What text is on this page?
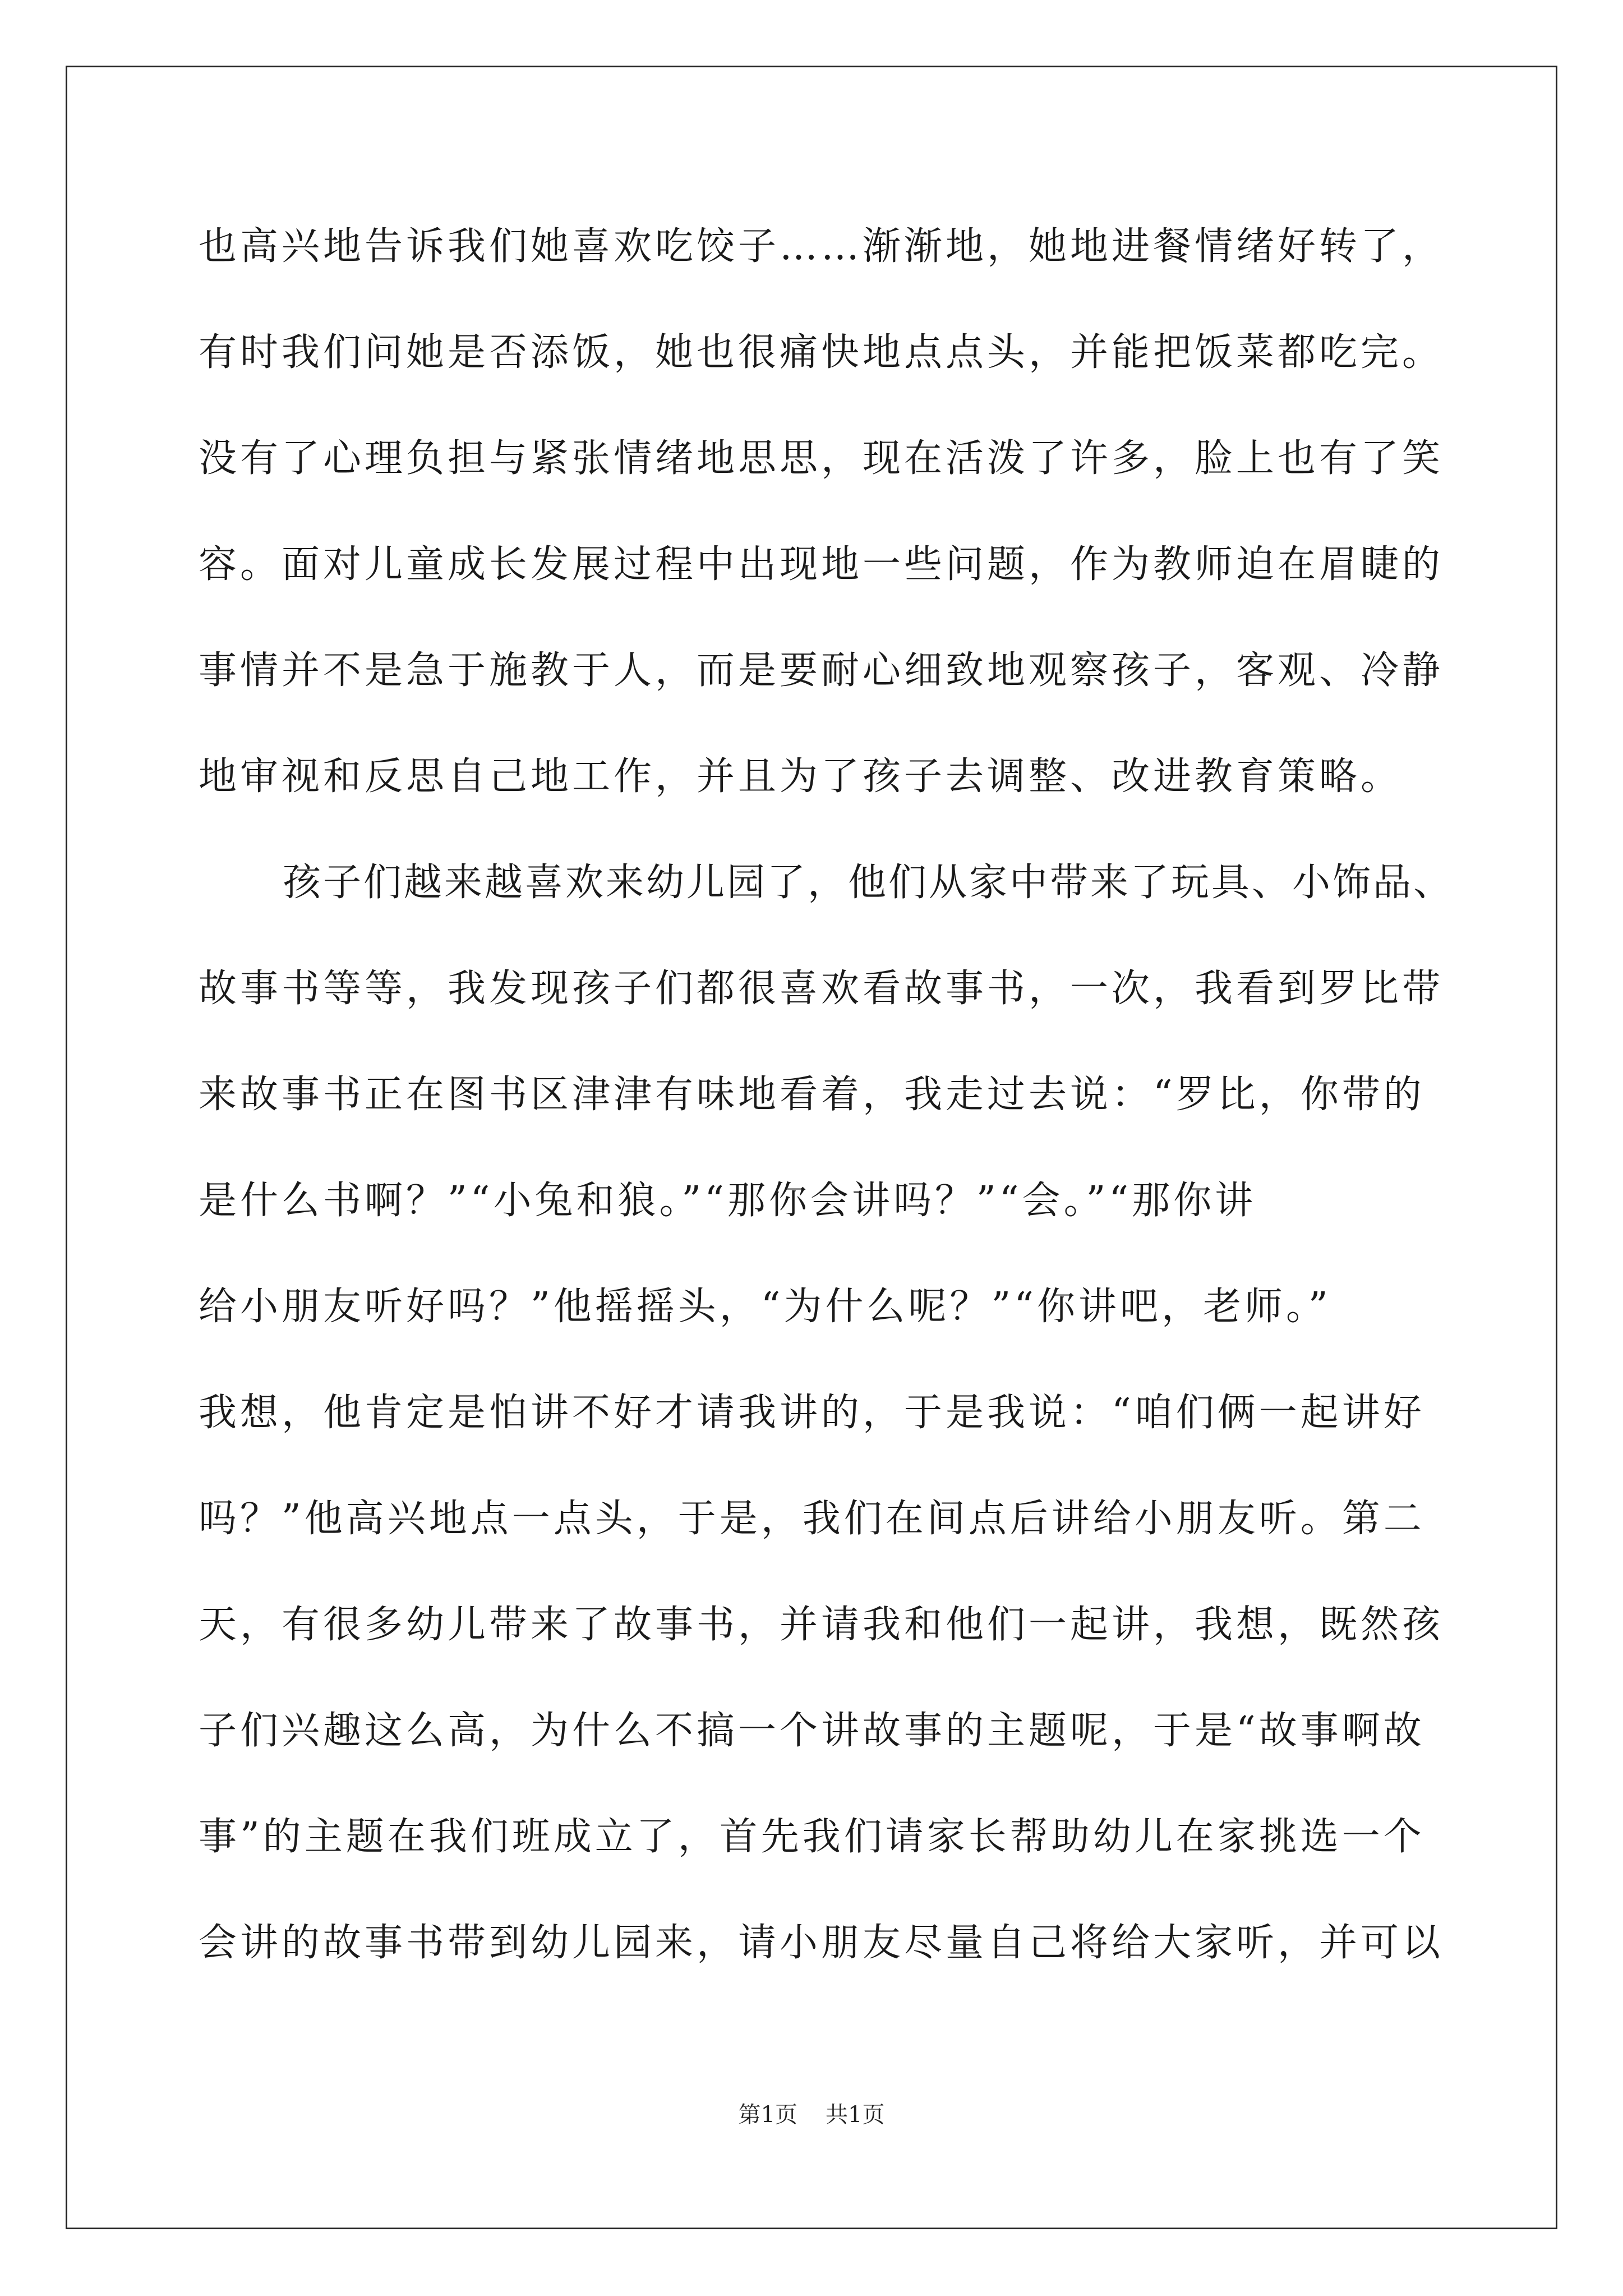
也高兴地告诉我们她喜欢吃饺子……渐渐地，她地进餐情绪好转了，
有时我们问她是否添饭，她也很痛快地点点头，并能把饭菜都吃完。
没有了心理负担与紧张情绪地思思，现在活泼了许多，脸上也有了笑
容。面对儿童成长发展过程中出现地一些问题，作为教师迫在眉睫的
事情并不是急于施教于人，而是要耐心细致地观察孩子，客观、冷静
地审视和反思自己地工作，并且为了孩子去调整、改进教育策略。
孩子们越来越喜欢来幼儿园了，他们从家中带来了玩具、小饰品、
故事书等等，我发现孩子们都很喜欢看故事书，一次，我看到罗比带
来故事书正在图书区津津有味地看着，我走过去说：“罗比，你带的
是什么书啊？”“小兔和狼。”“那你会讲吗？”“会。”“那你讲
给小朋友听好吗？”他摇摇头，“为什么呢？”“你讲吧，老师。”
我想，他肯定是怕讲不好才请我讲的，于是我说：“咱们俩一起讲好
吗？”他高兴地点一点头，于是，我们在间点后讲给小朋友听。第二
天，有很多幼儿带来了故事书，并请我和他们一起讲，我想，既然孩
子们兴趣这么高，为什么不搞一个讲故事的主题呢，于是“故事啊故
事”的主题在我们班成立了，首先我们请家长帮助幼儿在家挑选一个
会讲的故事书带到幼儿园来，请小朋友尽量自己将给大家听，并可以
第1页 共1页
